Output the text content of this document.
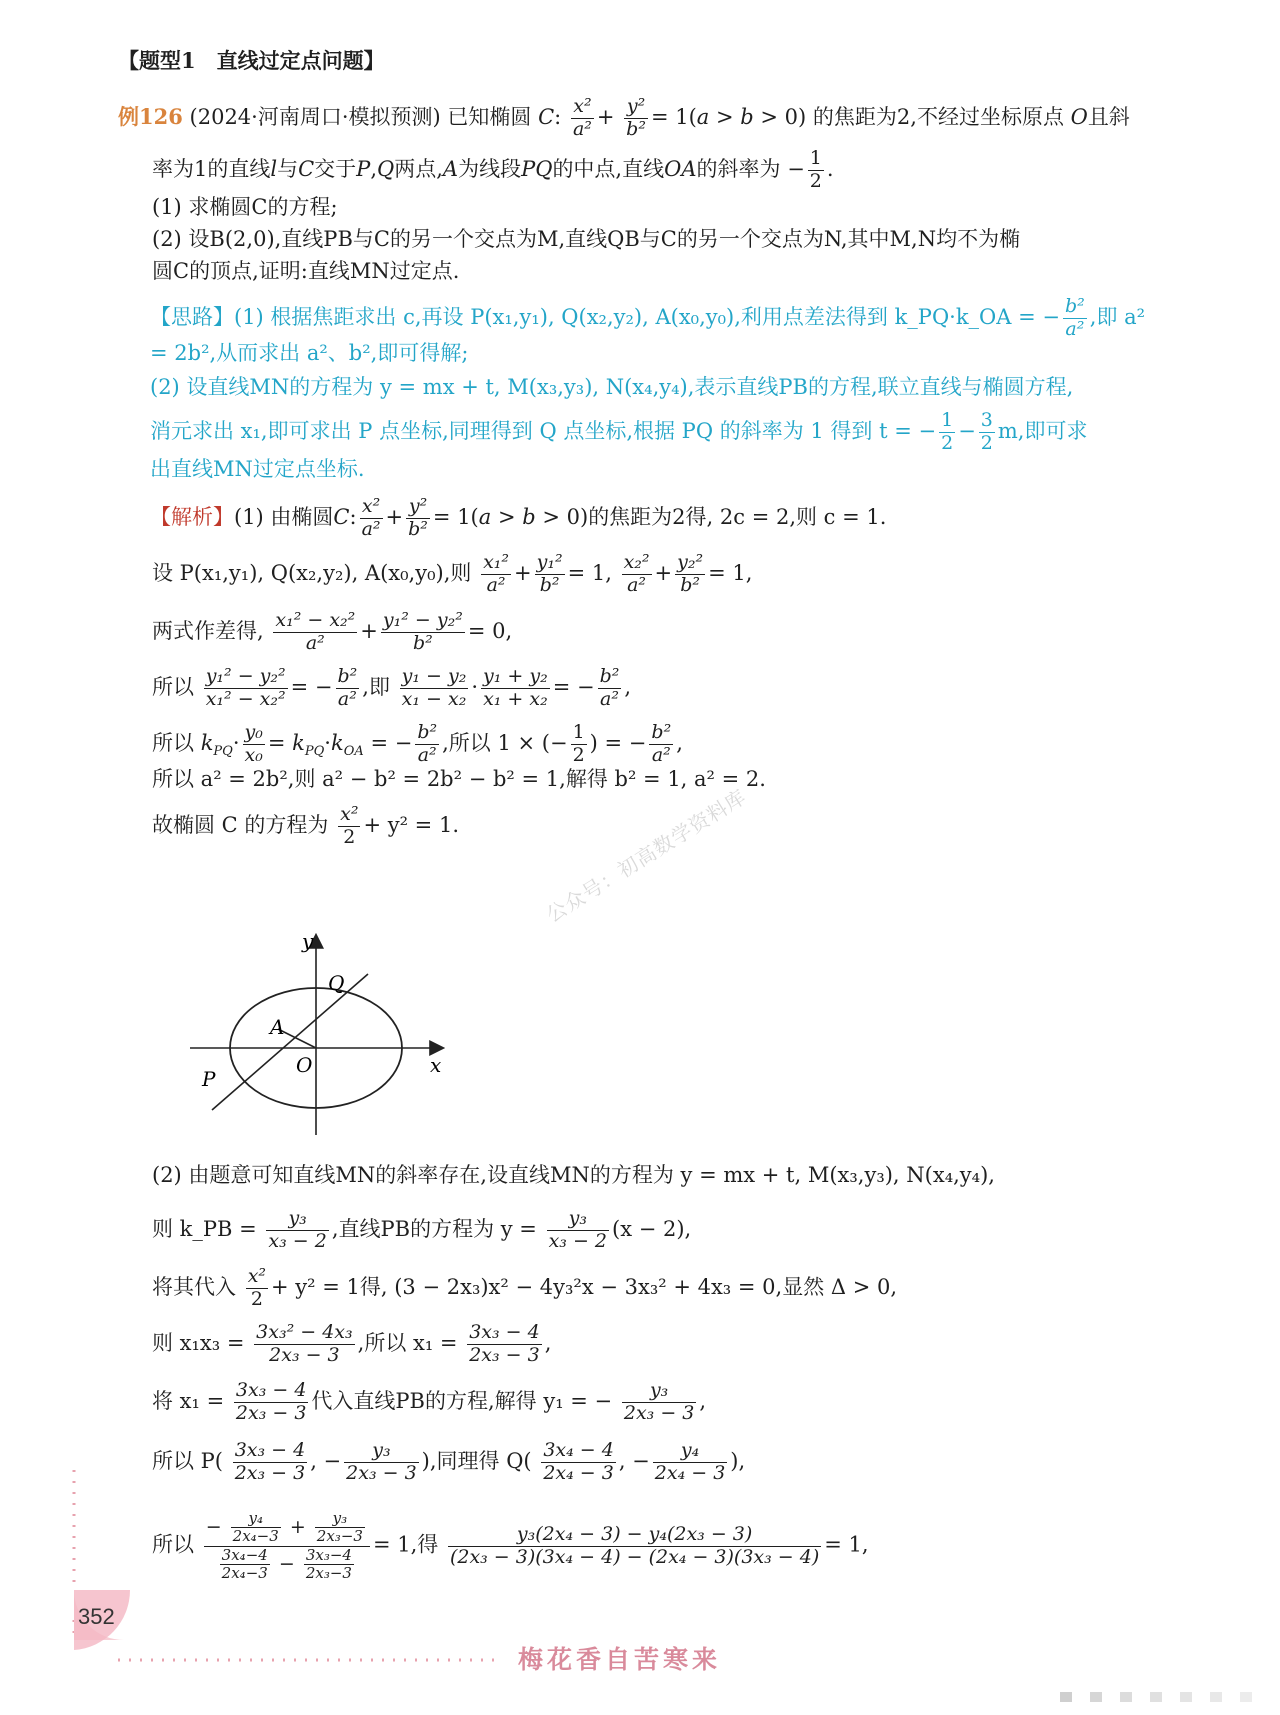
【题型1　直线过定点问题】
例126 (2024·河南周口·模拟预测) 已知椭圆 C: $\frac{\text{x²}}{\text{a²}} + \frac{\text{y²}}{\text{b²}} = 1(a > b > 0)$ 的焦距为2,不经过坐标原点 O且斜
率为1的直线l与C交于P,Q两点,A为线段PQ的中点,直线OA的斜率为 − $\frac{1}{2}$ .
(1) 求椭圆C的方程;
(2) 设B(2,0),直线PB与C的另一个交点为M,直线QB与C的另一个交点为N,其中M,N均不为椭
圆C的顶点,证明:直线MN过定点.
【思路】(1) 根据焦距求出 c,再设 P(x₁,y₁), Q(x₂,y₂), A(x₀,y₀),利用点差法得到 k_PQ·k_OA = − $\frac{\text{b²}}{\text{a²}}$ ,即 a²
= 2b²,从而求出 a²、b²,即可得解;
(2) 设直线MN的方程为 y = mx + t, M(x₃,y₃), N(x₄,y₄),表示直线PB的方程,联立直线与椭圆方程,
消元求出 x₁,即可求出 P 点坐标,同理得到 Q 点坐标,根据 PQ 的斜率为 1 得到 t = − $\frac{1}{2} - \frac{3}{2} m$,即可求
出直线MN过定点坐标.
【解析】(1) 由椭圆C: $\frac{\text{x²}}{\text{a²}} + \frac{\text{y²}}{\text{b²}} = 1(a > b > 0)$的焦距为2得, 2c = 2,则 c = 1.
设 P(x₁,y₁), Q(x₂,y₂), A(x₀,y₀),则 $\frac{\text{x₁²}}{\text{a²}} + \frac{\text{y₁²}}{\text{b²}} = 1$, $\frac{\text{x₂²}}{\text{a²}} + \frac{\text{y₂²}}{\text{b²}} = 1$,
两式作差得, $\frac{\text{x₁² − x₂²}}{\text{a²}} + \frac{\text{y₁² − y₂²}}{\text{b²}} = 0$,
所以 $\frac{\text{y₁² − y₂²}}{\text{x₁² − x₂²}}$ = − $\frac{\text{b²}}{\text{a²}}$ ,即 $\frac{\text{y₁ − y₂}}{\text{x₁ − x₂}} \cdot \frac{\text{y₁ + y₂}}{\text{x₁ + x₂}}$ = − $\frac{\text{b²}}{\text{a²}}$ ,
所以 $k_{PQ}\cdot \frac{\text{y₀}}{\text{x₀}} = k_{PQ}\cdot k_{OA}$ = − $\frac{\text{b²}}{\text{a²}}$ ,所以 1 × (− $\frac{1}{2}$ ) = − $\frac{\text{b²}}{\text{a²}}$ ,
所以 a² = 2b²,则 a² − b² = 2b² − b² = 1,解得 b² = 1, a² = 2.
故椭圆 C 的方程为 $\frac{\text{x²}}{2} + y^2 = 1$.	公众号：初高数学资料库
y
x
Q
A
O
P
(2) 由题意可知直线MN的斜率存在,设直线MN的方程为 y = mx + t, M(x₃,y₃), N(x₄,y₄),
则 k_PB = $\frac{\text{y₃}}{\text{x₃ − 2}}$ ,直线PB的方程为 $y = \frac{\text{y₃}}{\text{x₃ − 2}} (x - 2)$,
将其代入 $\frac{\text{x²}}{2} + y^2 = 1$得, (3 − 2x₃)x² − 4y₃²x − 3x₃² + 4x₃ = 0,显然 Δ > 0,
则 $x_1x_3 = \frac{\text{3x₃² − 4x₃}}{\text{2x₃ − 3}}$ ,所以 $x_1 = \frac{\text{3x₃ − 4}}{\text{2x₃ − 3}}$ ,
将 $x_1 = \frac{\text{3x₃ − 4}}{\text{2x₃ − 3}}$ 代入直线PB的方程,解得 y₁ = − $\frac{\text{y₃}}{\text{2x₃ − 3}}$ ,
所以 $P( \frac{\text{3x₃ − 4}}{\text{2x₃ − 3}}$ , − $\frac{\text{y₃}}{\text{2x₃ − 3}}$ ),同理得 $Q( \frac{\text{3x₄ − 4}}{\text{2x₄ − 3}}$ , − $\frac{\text{y₄}}{\text{2x₄ − 3}}$ ),
所以 $\frac{- \frac{\text{y₄}}{\text{2x₄−3}} + \frac{\text{y₃}}{\text{2x₃−3}}}{\frac{\text{3x₄−4}}{\text{2x₄−3}} - \frac{\text{3x₃−4}}{\text{2x₃−3}}} = 1$,得 $\frac{\text{y₃(2x₄ − 3) − y₄(2x₃ − 3)}}{\text{(2x₃ − 3)(3x₄ − 4) − (2x₄ − 3)(3x₃ − 4)}} = 1$,
352
梅花香自苦寒来
